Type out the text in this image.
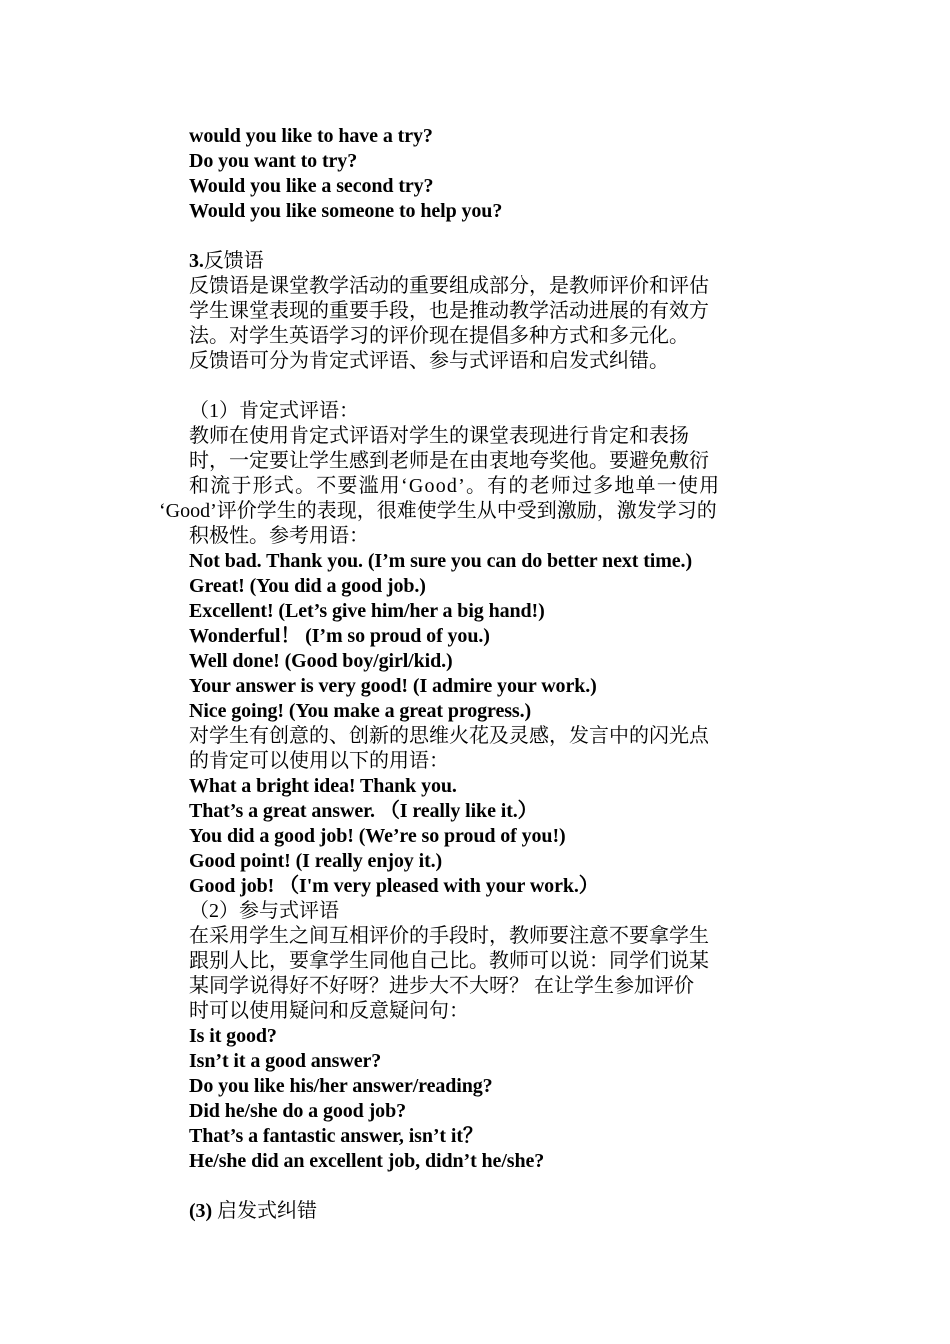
would you like to have a try?
Do you want to try?
Would you like a second try?
Would you like someone to help you?
3.反馈语
反馈语是课堂教学活动的重要组成部分，是教师评价和评估
学生课堂表现的重要手段，也是推动教学活动进展的有效方
法。对学生英语学习的评价现在提倡多种方式和多元化。
反馈语可分为肯定式评语、参与式评语和启发式纠错。
（1）肯定式评语：
教师在使用肯定式评语对学生的课堂表现进行肯定和表扬
时，一定要让学生感到老师是在由衷地夸奖他。要避免敷衍
和流于形式。不要滥用‘Good’。有的老师过多地单一使用
‘Good’评价学生的表现，很难使学生从中受到激励，激发学习的
积极性。参考用语：
Not bad. Thank you. (I’m sure you can do better next time.)
Great! (You did a good job.)
Excellent! (Let’s give him/her a big hand!)
Wonderful！ (I’m so proud of you.)
Well done! (Good boy/girl/kid.)
Your answer is very good! (I admire your work.)
Nice going! (You make a great progress.)
对学生有创意的、创新的思维火花及灵感，发言中的闪光点
的肯定可以使用以下的用语：
What a bright idea! Thank you.
That’s a great answer. （I really like it.）
You did a good job! (We’re so proud of you!)
Good point! (I really enjoy it.)
Good job! （I'm very pleased with your work.）
（2）参与式评语
在采用学生之间互相评价的手段时，教师要注意不要拿学生
跟别人比，要拿学生同他自己比。教师可以说：同学们说某
某同学说得好不好呀？进步大不大呀？ 在让学生参加评价
时可以使用疑问和反意疑问句：
Is it good?
Isn’t it a good answer?
Do you like his/her answer/reading?
Did he/she do a good job?
That’s a fantastic answer, isn’t it？
He/she did an excellent job, didn’t he/she?
(3) 启发式纠错
